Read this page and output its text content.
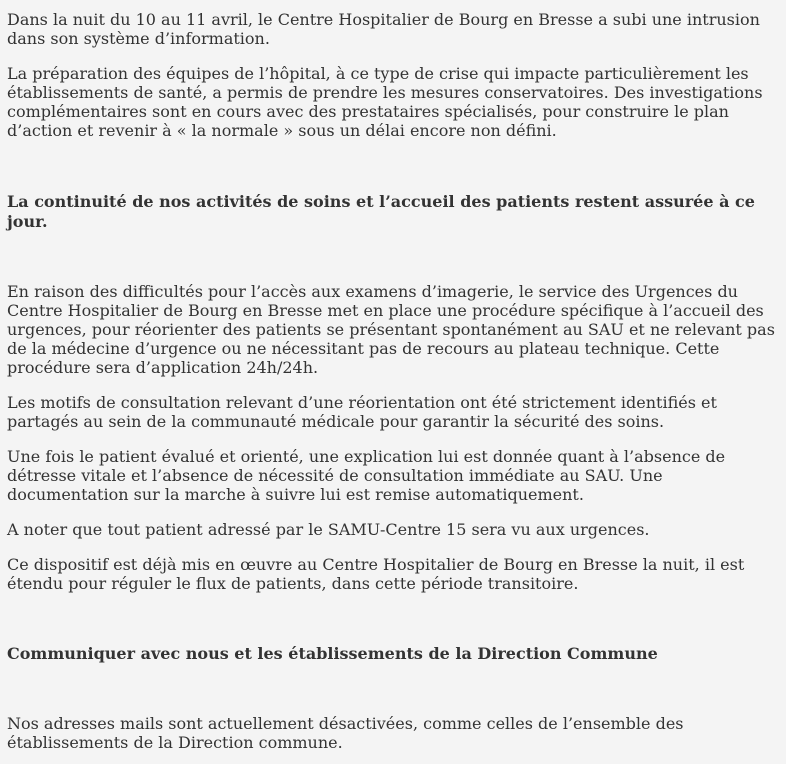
Dans la nuit du 10 au 11 avril, le Centre Hospitalier de Bourg en Bresse a subi une intrusion dans son système d’information.

La préparation des équipes de l’hôpital, à ce type de crise qui impacte particulièrement les établissements de santé, a permis de prendre les mesures conservatoires. Des investigations complémentaires sont en cours avec des prestataires spécialisés, pour construire le plan d’action et revenir à « la normale » sous un délai encore non défini.

La continuité de nos activités de soins et l’accueil des patients restent assurée à ce jour.

En raison des difficultés pour l’accès aux examens d’imagerie, le service des Urgences du Centre Hospitalier de Bourg en Bresse met en place une procédure spécifique à l’accueil des urgences, pour réorienter des patients se présentant spontanément au SAU et ne relevant pas de la médecine d’urgence ou ne nécessitant pas de recours au plateau technique. Cette procédure sera d’application 24h/24h.

Les motifs de consultation relevant d’une réorientation ont été strictement identifiés et partagés au sein de la communauté médicale pour garantir la sécurité des soins.

Une fois le patient évalué et orienté, une explication lui est donnée quant à l’absence de détresse vitale et l’absence de nécessité de consultation immédiate au SAU. Une documentation sur la marche à suivre lui est remise automatiquement.

A noter que tout patient adressé par le SAMU-Centre 15 sera vu aux urgences.

Ce dispositif est déjà mis en œuvre au Centre Hospitalier de Bourg en Bresse la nuit, il est étendu pour réguler le flux de patients, dans cette période transitoire.

Communiquer avec nous et les établissements de la Direction Commune

Nos adresses mails sont actuellement désactivées, comme celles de l’ensemble des établissements de la Direction commune.
